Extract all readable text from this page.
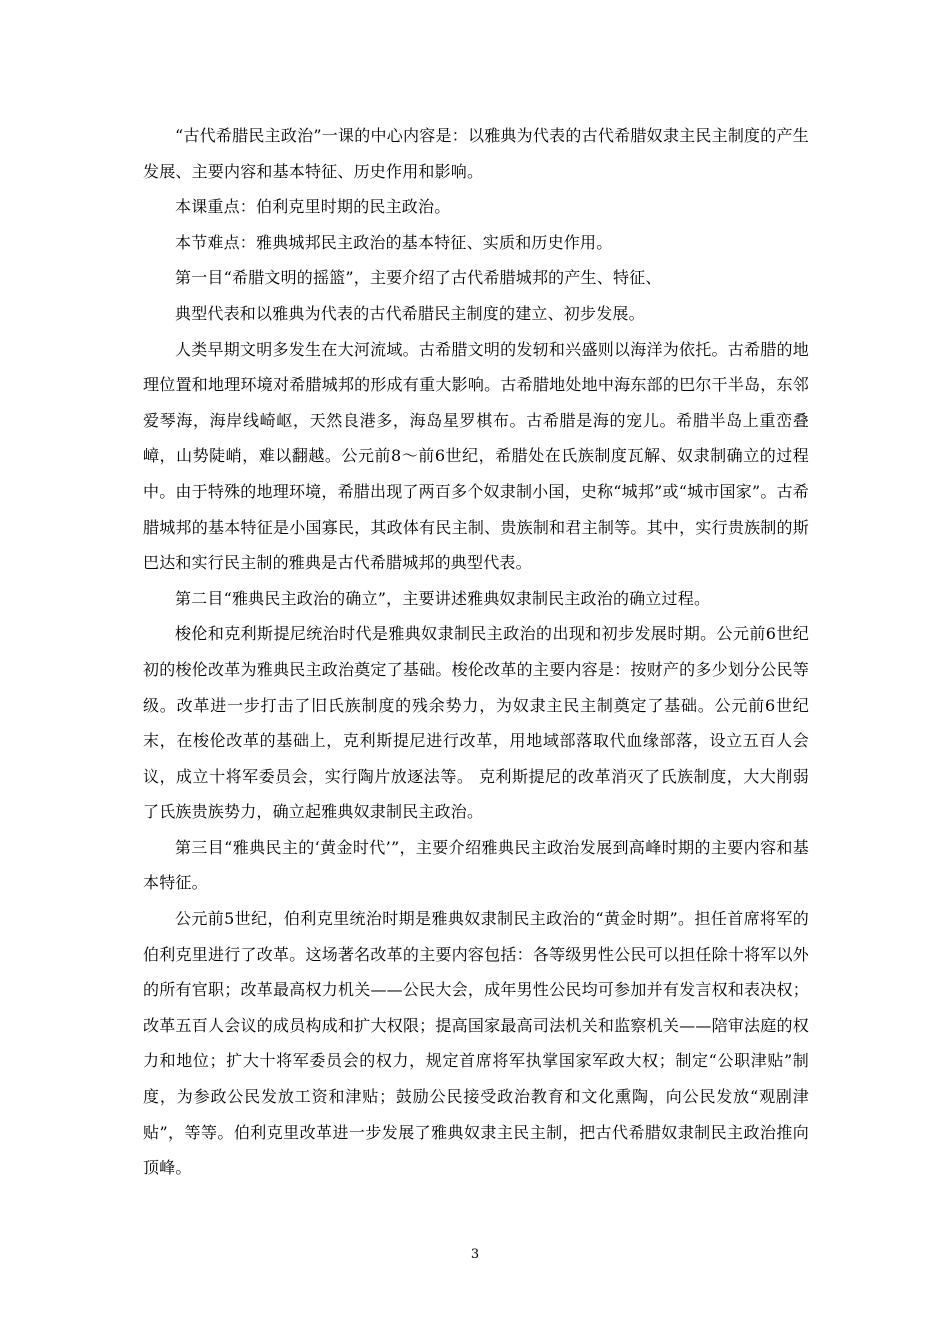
“古代希腊民主政治”一课的中心内容是：以雅典为代表的古代希腊奴隶主民主制度的产生发展、主要内容和基本特征、历史作用和影响。

本课重点：伯利克里时期的民主政治。

本节难点：雅典城邦民主政治的基本特征、实质和历史作用。

第一目“希腊文明的摇篮”，主要介绍了古代希腊城邦的产生、特征、

典型代表和以雅典为代表的古代希腊民主制度的建立、初步发展。

人类早期文明多发生在大河流域。古希腊文明的发轫和兴盛则以海洋为依托。古希腊的地理位置和地理环境对希腊城邦的形成有重大影响。古希腊地处地中海东部的巴尔干半岛，东邻爱琴海，海岸线崎岖，天然良港多，海岛星罗棋布。古希腊是海的宠儿。希腊半岛上重峦叠嶂，山势陡峭，难以翻越。公元前8～前6世纪，希腊处在氏族制度瓦解、奴隶制确立的过程中。由于特殊的地理环境，希腊出现了两百多个奴隶制小国，史称“城邦”或“城市国家”。古希腊城邦的基本特征是小国寡民，其政体有民主制、贵族制和君主制等。其中，实行贵族制的斯巴达和实行民主制的雅典是古代希腊城邦的典型代表。

第二目“雅典民主政治的确立”，主要讲述雅典奴隶制民主政治的确立过程。

梭伦和克利斯提尼统治时代是雅典奴隶制民主政治的出现和初步发展时期。公元前6世纪初的梭伦改革为雅典民主政治奠定了基础。梭伦改革的主要内容是：按财产的多少划分公民等级。改革进一步打击了旧氏族制度的残余势力，为奴隶主民主制奠定了基础。公元前6世纪末，在梭伦改革的基础上，克利斯提尼进行改革，用地域部落取代血缘部落，设立五百人会议，成立十将军委员会，实行陶片放逐法等。 克利斯提尼的改革消灭了氏族制度，大大削弱了氏族贵族势力，确立起雅典奴隶制民主政治。

第三目“雅典民主的‘黄金时代’”，主要介绍雅典民主政治发展到高峰时期的主要内容和基本特征。

公元前5世纪，伯利克里统治时期是雅典奴隶制民主政治的“黄金时期”。担任首席将军的伯利克里进行了改革。这场著名改革的主要内容包括：各等级男性公民可以担任除十将军以外的所有官职；改革最高权力机关——公民大会，成年男性公民均可参加并有发言权和表决权；改革五百人会议的成员构成和扩大权限；提高国家最高司法机关和监察机关——陪审法庭的权力和地位；扩大十将军委员会的权力，规定首席将军执掌国家军政大权；制定“公职津贴”制度，为参政公民发放工资和津贴；鼓励公民接受政治教育和文化熏陶，向公民发放“观剧津贴”，等等。伯利克里改革进一步发展了雅典奴隶主民主制，把古代希腊奴隶制民主政治推向顶峰。

3
